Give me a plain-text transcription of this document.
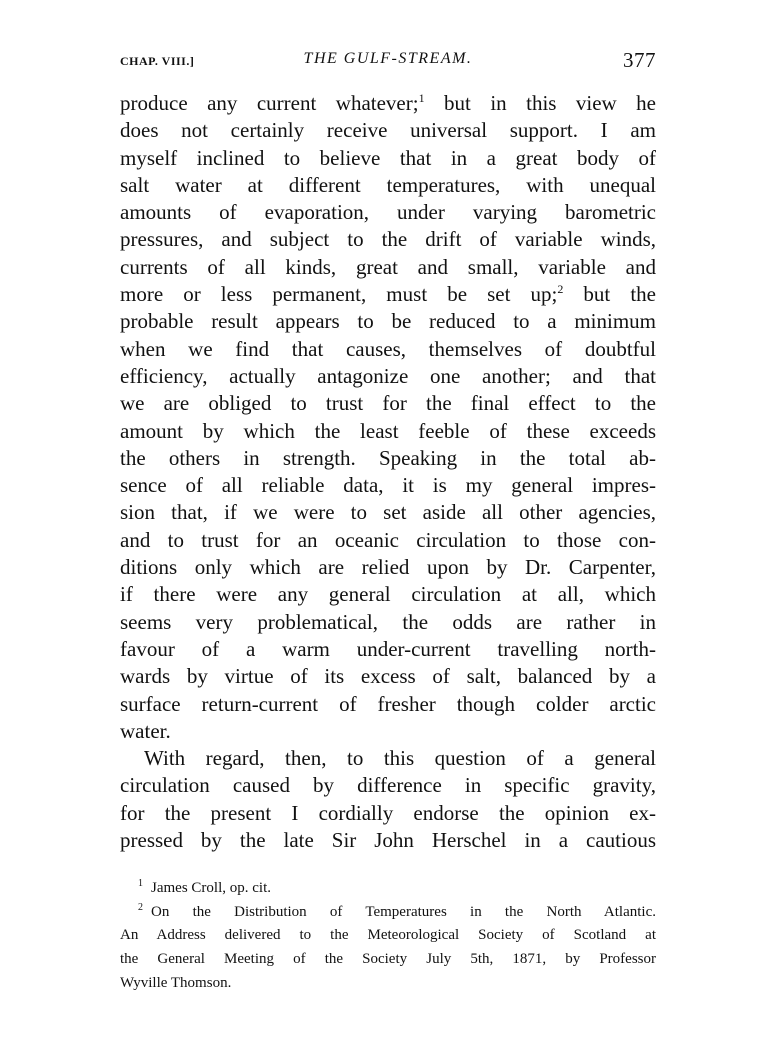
CHAP. VIII.]	THE GULF-STREAM.	377
produce any current whatever;$^1$ but in this view he
does not certainly receive universal support. I am
myself inclined to believe that in a great body of
salt water at different temperatures, with unequal
amounts of evaporation, under varying barometric
pressures, and subject to the drift of variable winds,
currents of all kinds, great and small, variable and
more or less permanent, must be set up;$^2$ but the
probable result appears to be reduced to a minimum
when we find that causes, themselves of doubtful
efficiency, actually antagonize one another; and that
we are obliged to trust for the final effect to the
amount by which the least feeble of these exceeds
the others in strength. Speaking in the total ab-
sence of all reliable data, it is my general impres-
sion that, if we were to set aside all other agencies,
and to trust for an oceanic circulation to those con-
ditions only which are relied upon by Dr. Carpenter,
if there were any general circulation at all, which
seems very problematical, the odds are rather in
favour of a warm under-current travelling north-
wards by virtue of its excess of salt, balanced by a
surface return-current of fresher though colder arctic
water.
With regard, then, to this question of a general
circulation caused by difference in specific gravity,
for the present I cordially endorse the opinion ex-
pressed by the late Sir John Herschel in a cautious
$^1$ James Croll, op. cit.
$^2$ On the Distribution of Temperatures in the North Atlantic.
An Address delivered to the Meteorological Society of Scotland at
the General Meeting of the Society July 5th, 1871, by Professor
Wyville Thomson.
